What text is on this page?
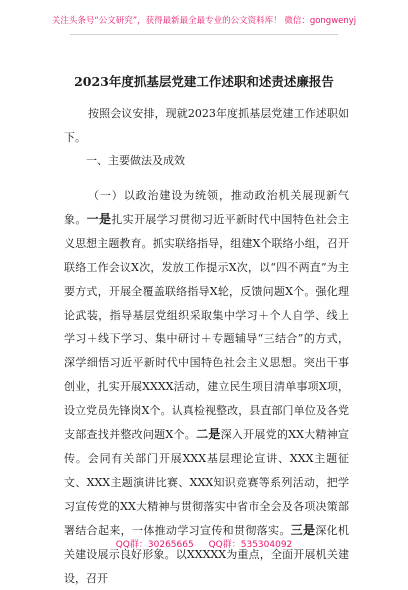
关注头条号“公文研究”，获得最新最全最专业的公文资料库！ 微信：gongwenyj
2023年度抓基层党建工作述职和述责述廉报告
按照会议安排，现就2023年度抓基层党建工作述职如下。
一、主要做法及成效
（一）以政治建设为统领，推动政治机关展现新气象。一是扎实开展学习贯彻习近平新时代中国特色社会主义思想主题教育。抓实联络指导，组建X个联络小组，召开联络工作会议X次，发放工作提示X次，以“四不两直”为主要方式，开展全覆盖联络指导X轮，反馈问题X个。强化理论武装，指导基层党组织采取集中学习＋个人自学、线上学习＋线下学习、集中研讨＋专题辅导“三结合”的方式，深学细悟习近平新时代中国特色社会主义思想。突出干事创业，扎实开展XXXX活动，建立民生项目清单事项X项，设立党员先锋岗X个。认真检视整改，县直部门单位及各党支部查找并整改问题X个。二是深入开展党的XX大精神宣传。会同有关部门开展XXX基层理论宣讲、XXX主题征文、XXX主题演讲比赛、XXX知识竞赛等系列活动，把学习宣传党的XX大精神与贯彻落实中省市全会及各项决策部署结合起来，一体推动学习宣传和贯彻落实。三是深化机关建设展示良好形象。以XXXXX为重点，全面开展机关建设，召开
QQ群：30265665 QQ群：535304092
